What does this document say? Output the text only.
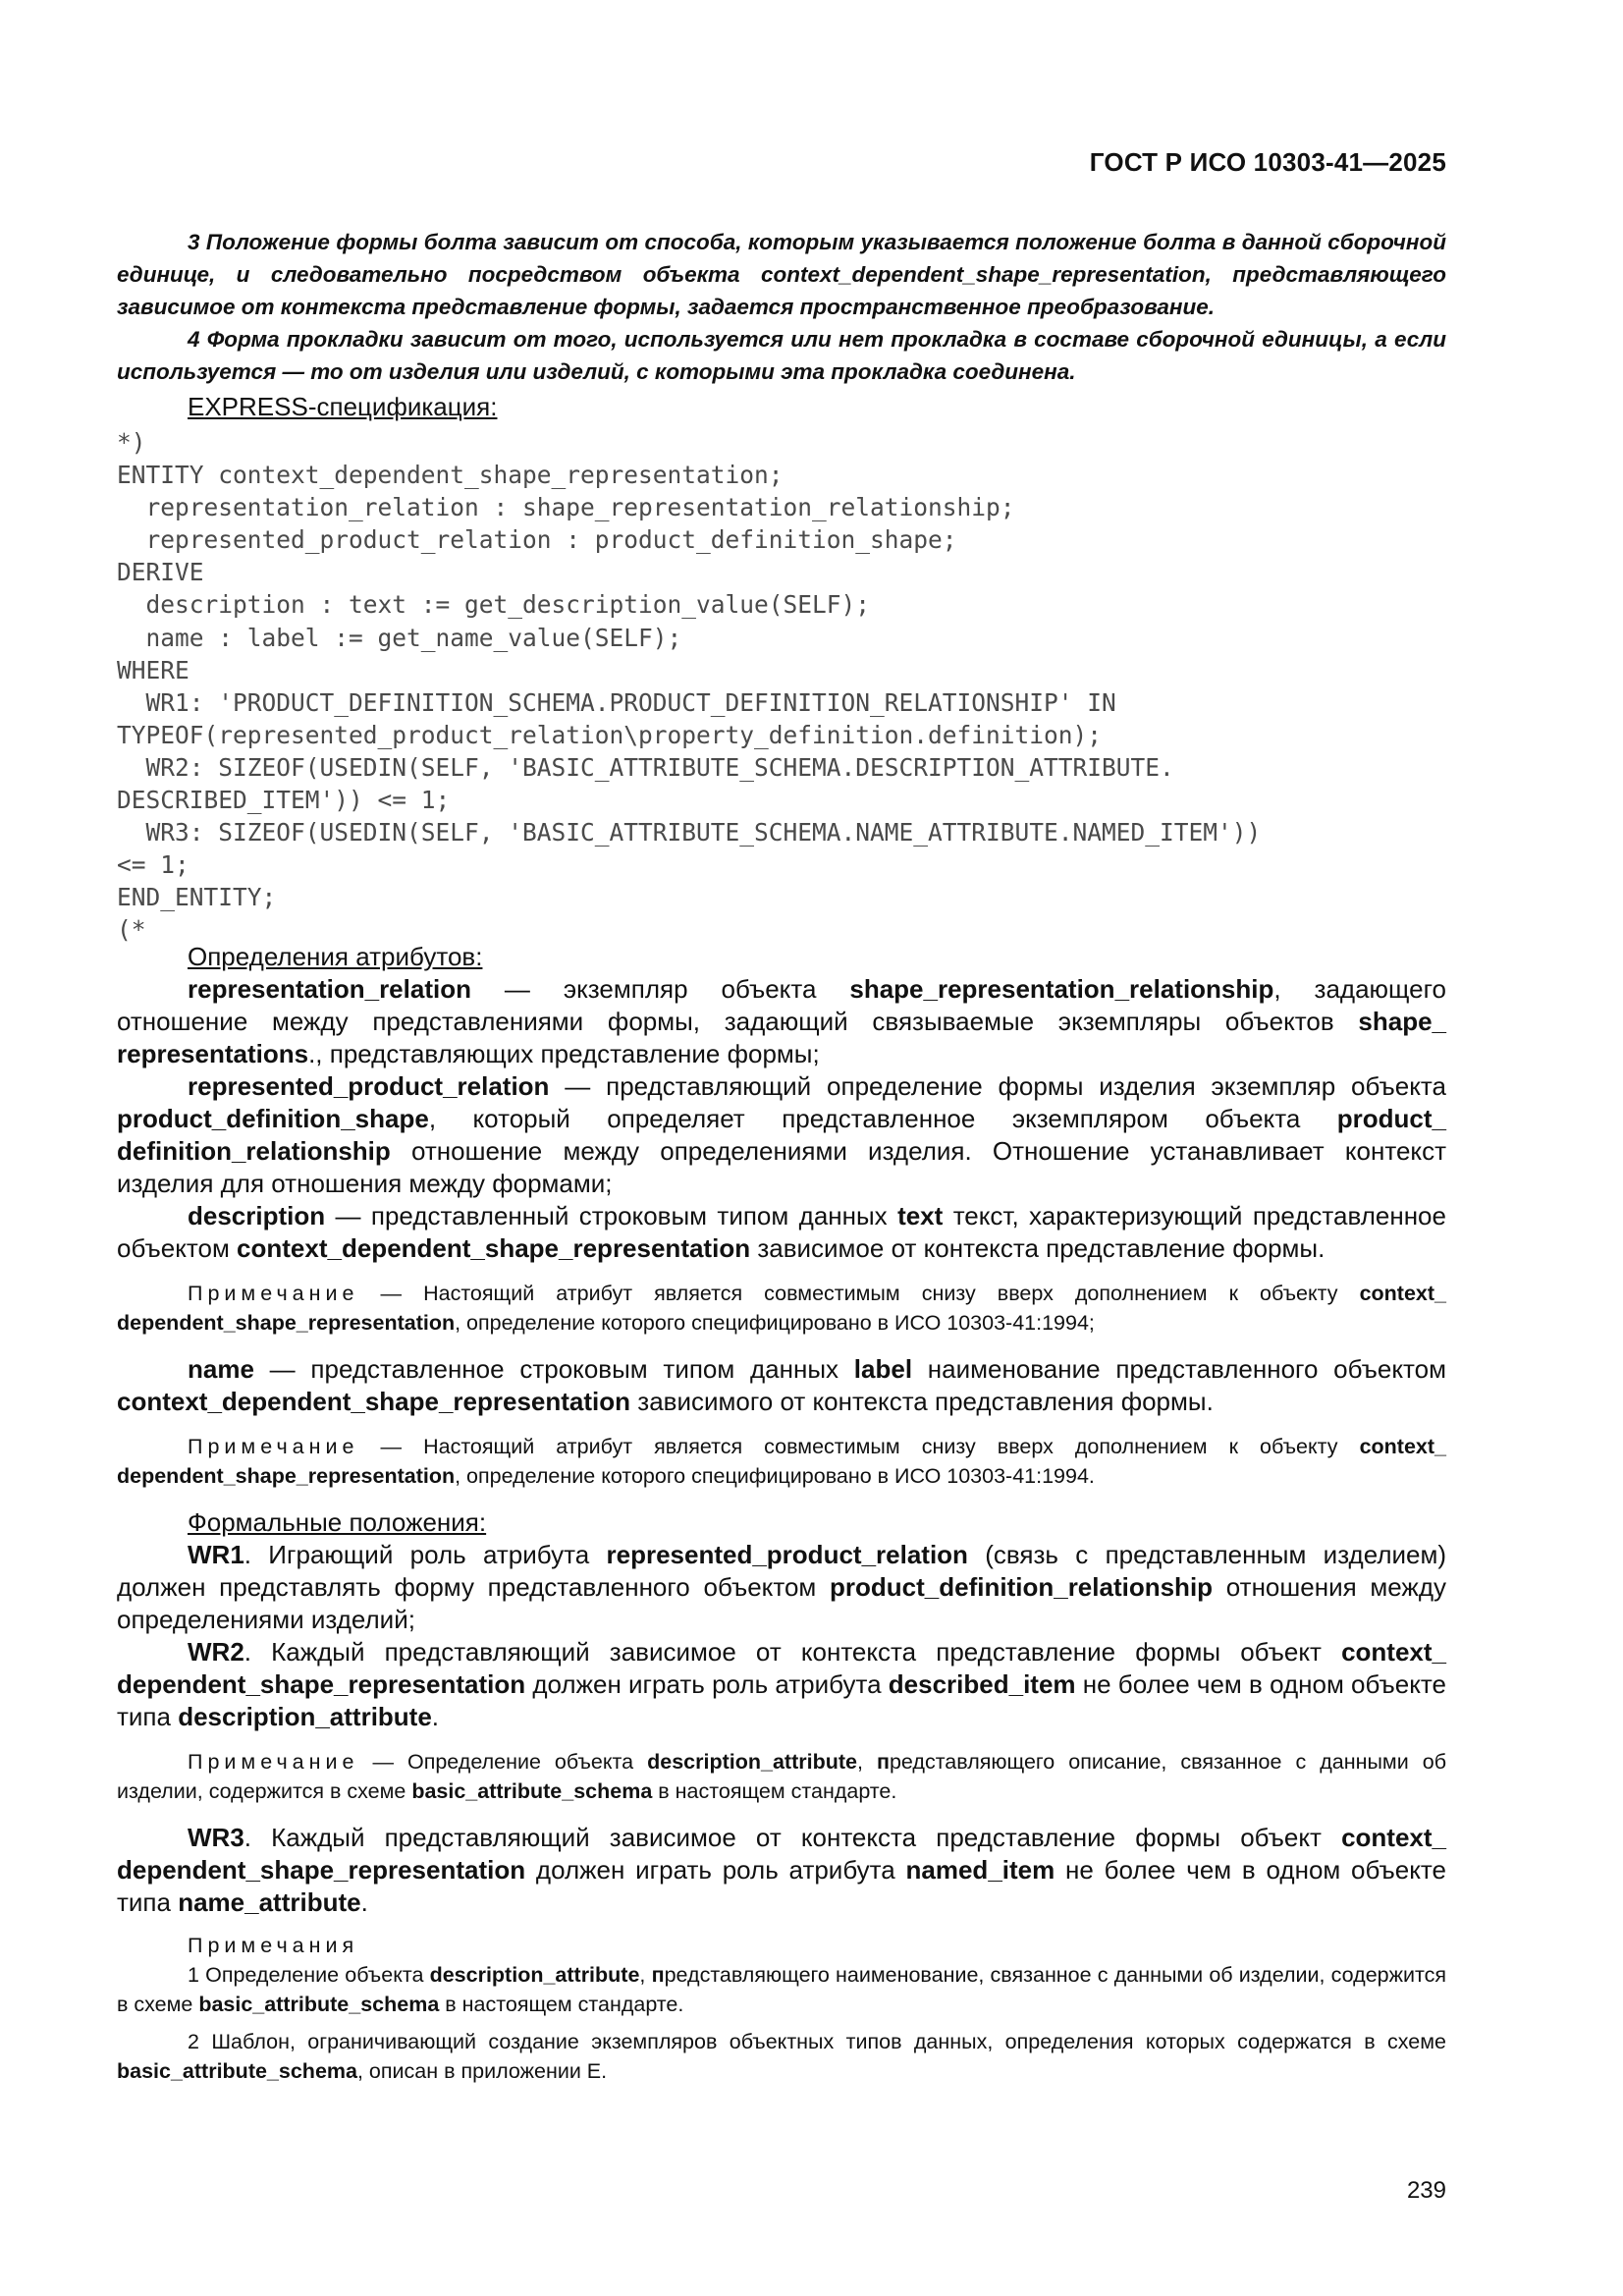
ГОСТ Р ИСО 10303-41—2025

3 Положение формы болта зависит от способа, которым указывается положение болта в данной сборочной единице, и следовательно посредством объекта context_dependent_shape_representation, представляющего зависимое от контекста представление формы, задается пространственное преобразование.

4 Форма прокладки зависит от того, используется или нет прокладка в составе сборочной единицы, а если используется — то от изделия или изделий, с которыми эта прокладка соединена.

EXPRESS-спецификация:
*)
ENTITY context_dependent_shape_representation;
representation_relation : shape_representation_relationship;
represented_product_relation : product_definition_shape;
DERIVE
description : text := get_description_value(SELF);
name : label := get_name_value(SELF);
WHERE
WR1: 'PRODUCT_DEFINITION_SCHEMA.PRODUCT_DEFINITION_RELATIONSHIP' IN
TYPEOF(represented_product_relation\property_definition.definition);
WR2: SIZEOF(USEDIN(SELF, 'BASIC_ATTRIBUTE_SCHEMA.DESCRIPTION_ATTRIBUTE.
DESCRIBED_ITEM')) <= 1;
WR3: SIZEOF(USEDIN(SELF, 'BASIC_ATTRIBUTE_SCHEMA.NAME_ATTRIBUTE.NAMED_ITEM'))
<= 1;
END_ENTITY;
(*
Определения атрибутов:

representation_relation — экземпляр объекта shape_representation_relationship, задающего отношение между представлениями формы, задающий связываемые экземпляры объектов shape_ representations., представляющих представление формы;

represented_product_relation — представляющий определение формы изделия экземпляр объекта product_definition_shape, который определяет представленное экземпляром объекта product_ definition_relationship отношение между определениями изделия. Отношение устанавливает контекст изделия для отношения между формами;

description — представленный строковым типом данных text текст, характеризующий представленное объектом context_dependent_shape_representation зависимое от контекста представление формы.

Примечание — Настоящий атрибут является совместимым снизу вверх дополнением к объекту context_ dependent_shape_representation, определение которого специфицировано в ИСО 10303-41:1994;

name — представленное строковым типом данных label наименование представленного объектом context_dependent_shape_representation зависимого от контекста представления формы.

Примечание — Настоящий атрибут является совместимым снизу вверх дополнением к объекту context_ dependent_shape_representation, определение которого специфицировано в ИСО 10303-41:1994.

Формальные положения:

WR1. Играющий роль атрибута represented_product_relation (связь с представленным изделием) должен представлять форму представленного объектом product_definition_relationship отношения между определениями изделий;

WR2. Каждый представляющий зависимое от контекста представление формы объект context_ dependent_shape_representation должен играть роль атрибута described_item не более чем в одном объекте типа description_attribute.

Примечание — Определение объекта description_attribute, представляющего описание, связанное с данными об изделии, содержится в схеме basic_attribute_schema в настоящем стандарте.

WR3. Каждый представляющий зависимое от контекста представление формы объект context_ dependent_shape_representation должен играть роль атрибута named_item не более чем в одном объекте типа name_attribute.

Примечания

1 Определение объекта description_attribute, представляющего наименование, связанное с данными об изделии, содержится в схеме basic_attribute_schema в настоящем стандарте.

2 Шаблон, ограничивающий создание экземпляров объектных типов данных, определения которых содержатся в схеме basic_attribute_schema, описан в приложении Е.

239
